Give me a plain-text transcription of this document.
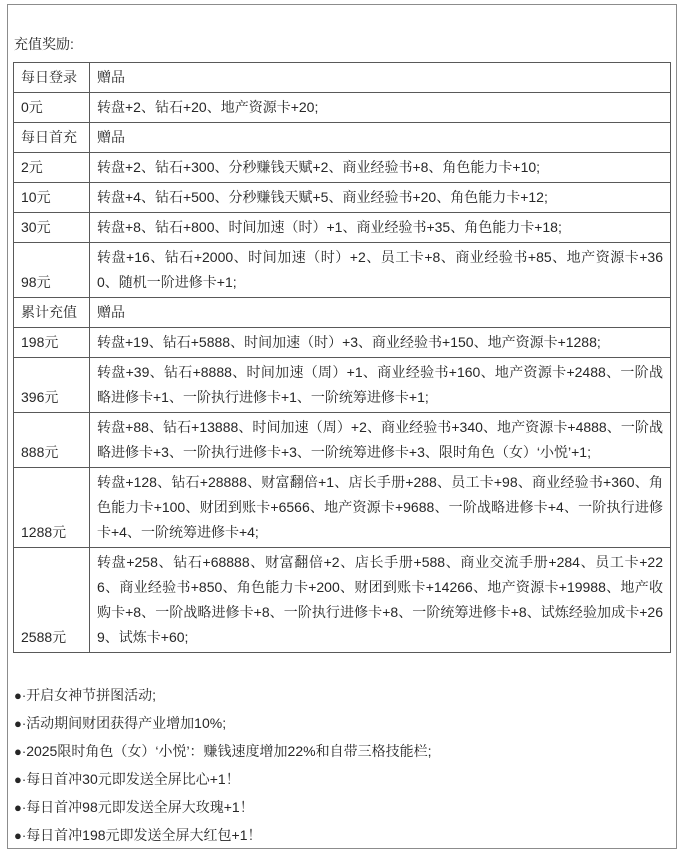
充值奖励:

每日登录	赠品
0元	转盘+2、钻石+20、地产资源卡+20;
每日首充	赠品
2元	转盘+2、钻石+300、分秒赚钱天赋+2、商业经验书+8、角色能力卡+10;
10元	转盘+4、钻石+500、分秒赚钱天赋+5、商业经验书+20、角色能力卡+12;
30元	转盘+8、钻石+800、时间加速（时）+1、商业经验书+35、角色能力卡+18;
98元	转盘+16、钻石+2000、时间加速（时）+2、员工卡+8、商业经验书+85、地产资源卡+360、随机一阶进修卡+1;
累计充值	赠品
198元	转盘+19、钻石+5888、时间加速（时）+3、商业经验书+150、地产资源卡+1288;
396元	转盘+39、钻石+8888、时间加速（周）+1、商业经验书+160、地产资源卡+2488、一阶战略进修卡+1、一阶执行进修卡+1、一阶统筹进修卡+1;
888元	转盘+88、钻石+13888、时间加速（周）+2、商业经验书+340、地产资源卡+4888、一阶战略进修卡+3、一阶执行进修卡+3、一阶统筹进修卡+3、限时角色（女）‘小悦’+1;
1288元	转盘+128、钻石+28888、财富翻倍+1、店长手册+288、员工卡+98、商业经验书+360、角色能力卡+100、财团到账卡+6566、地产资源卡+9688、一阶战略进修卡+4、一阶执行进修卡+4、一阶统筹进修卡+4;
2588元	转盘+258、钻石+68888、财富翻倍+2、店长手册+588、商业交流手册+284、员工卡+226、商业经验书+850、角色能力卡+200、财团到账卡+14266、地产资源卡+19988、地产收购卡+8、一阶战略进修卡+8、一阶执行进修卡+8、一阶统筹进修卡+8、试炼经验加成卡+269、试炼卡+60;

●·开启女神节拼图活动;

●·活动期间财团获得产业增加10%;

●·2025限时角色（女）‘小悦’：赚钱速度增加22%和自带三格技能栏;

●·每日首冲30元即发送全屏比心+1！

●·每日首冲98元即发送全屏大玫瑰+1！

●·每日首冲198元即发送全屏大红包+1！
